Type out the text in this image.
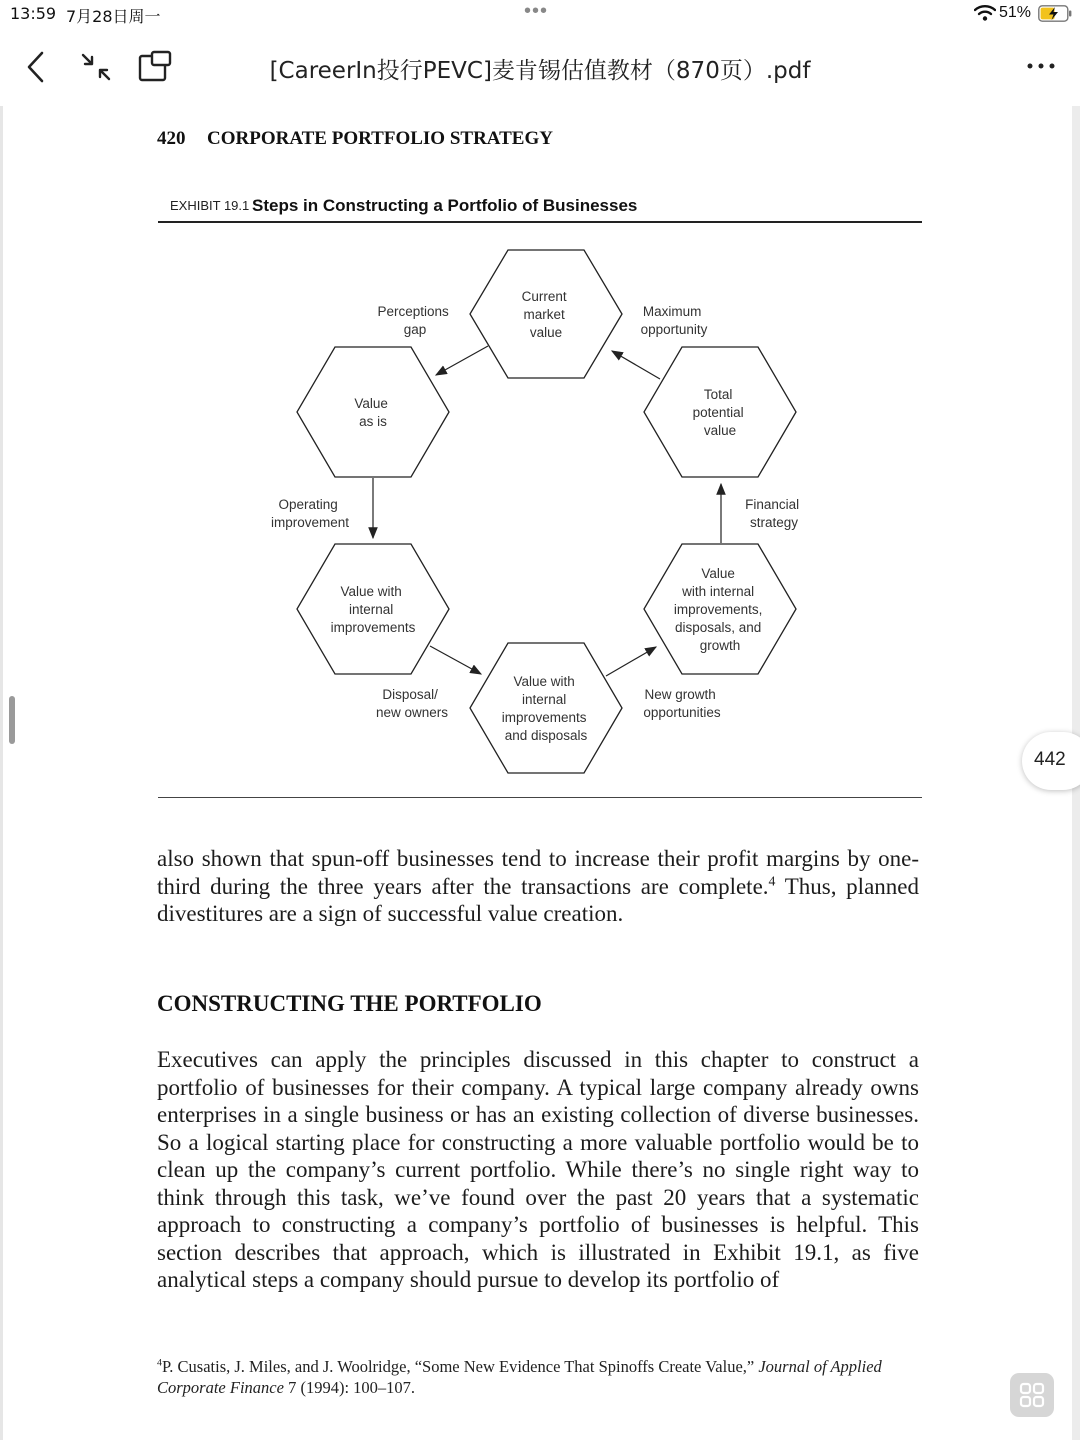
13:59 7月28日周一	•••	51%
[CareerIn投行PEVC]麦肯锡估值教材（870页）.pdf
420 CORPORATE PORTFOLIO STRATEGY
EXHIBIT 19.1 Steps in Constructing a Portfolio of Businesses
Current market value
Value as is
Total potential value
Value with internal improvements
Value with internal improvements, disposals, and growth
Value with internal improvements and disposals
Perceptions gap
Maximum opportunity
Operating improvement
Financial strategy
Disposal/ new owners
New growth opportunities

also shown that spun-off businesses tend to increase their profit margins by one-third during the three years after the transactions are complete.$^4$ Thus, planned divestitures are a sign of successful value creation.

CONSTRUCTING THE PORTFOLIO

Executives can apply the principles discussed in this chapter to construct a portfolio of businesses for their company. A typical large company already owns enterprises in a single business or has an existing collection of diverse businesses. So a logical starting place for constructing a more valuable portfolio would be to clean up the company’s current portfolio. While there’s no single right way to think through this task, we’ve found over the past 20 years that a systematic approach to constructing a company’s portfolio of businesses is helpful. This section describes that approach, which is illustrated in Exhibit 19.1, as five analytical steps a company should pursue to develop its portfolio of

$^4$P. Cusatis, J. Miles, and J. Woolridge, “Some New Evidence That Spinoffs Create Value,” Journal of Applied Corporate Finance 7 (1994): 100–107.

442
